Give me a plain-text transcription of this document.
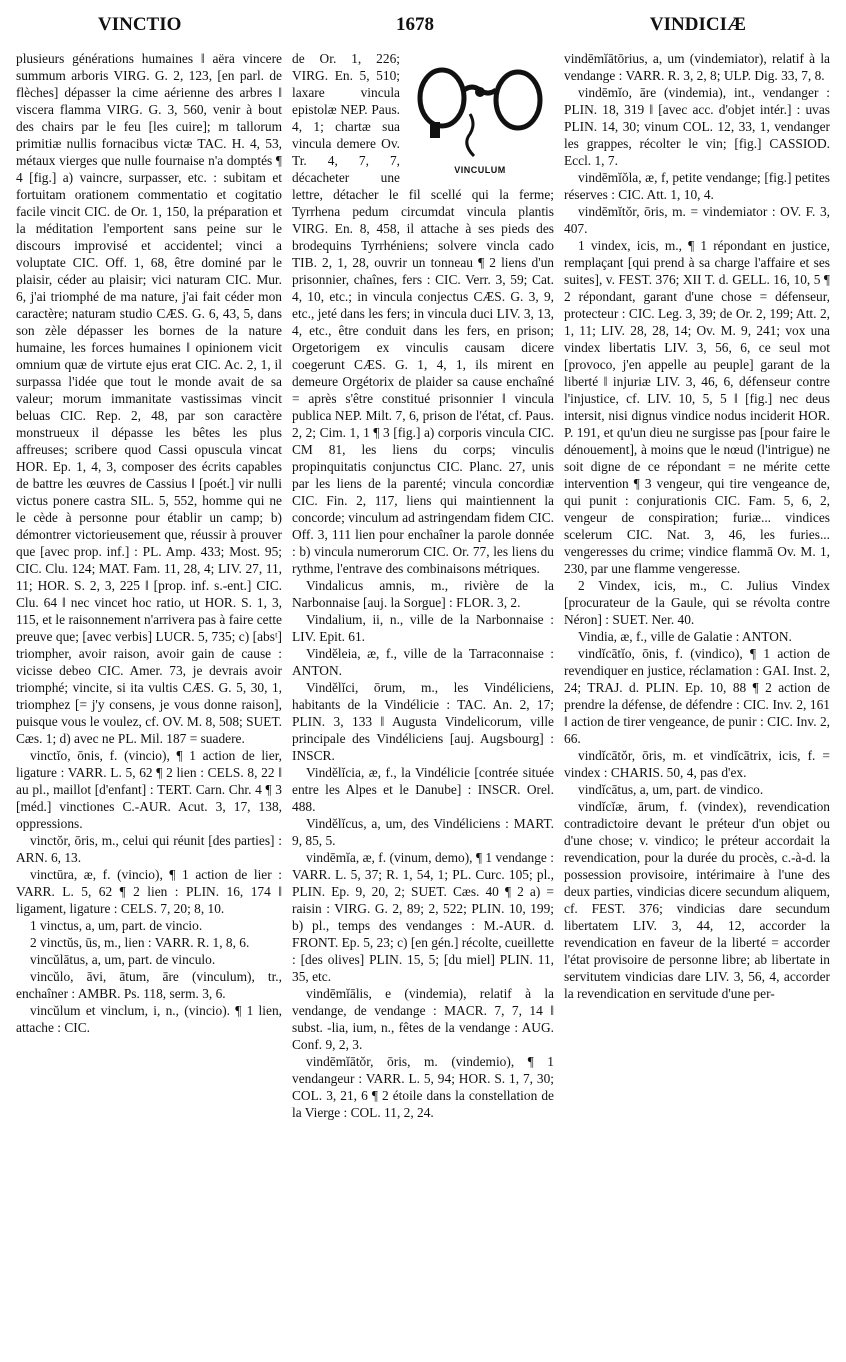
VINCTIO	1678	VINDICIÆ

plusieurs générations humaines ‖ aëra vincere summum arboris VIRG. G. 2, 123, [en parl. de flèches] dépasser la cime aérienne des arbres ‖ viscera flamma VIRG. G. 3, 560, venir à bout des chairs par le feu [les cuire]; m tallorum primitiæ nullis fornacibus victæ TAC. H. 4, 53, métaux vierges que nulle fournaise n'a domptés ¶ 4 [fig.] a) vaincre, surpasser, etc. : subitam et fortuitam orationem commentatio et cogitatio facile vincit CIC. de Or. 1, 150, la préparation et la méditation l'emportent sans peine sur le discours improvisé et accidentel; vinci a voluptate CIC. Off. 1, 68, être dominé par le plaisir, céder au plaisir; vici naturam CIC. Mur. 6, j'ai triomphé de ma nature, j'ai fait céder mon caractère; naturam studio CÆS. G. 6, 43, 5, dans son zèle dépasser les bornes de la nature humaine, les forces humaines ‖ opinionem vicit omnium quæ de virtute ejus erat CIC. Ac. 2, 1, il surpassa l'idée que tout le monde avait de sa valeur; morum immanitate vastissimas vincit beluas CIC. Rep. 2, 48, par son caractère monstrueux il dépasse les bêtes les plus affreuses; scribere quod Cassi opuscula vincat HOR. Ep. 1, 4, 3, composer des écrits capables de battre les œuvres de Cassius ‖ [poét.] vir nulli victus ponere castra SIL. 5, 552, homme qui ne le cède à personne pour établir un camp; b) démontrer victorieusement que, réussir à prouver que [avec prop. inf.] : PL. Amp. 433; Most. 95; CIC. Clu. 124; MAT. Fam. 11, 28, 4; LIV. 27, 11, 11; HOR. S. 2, 3, 225 ‖ [prop. inf. s.-ent.] CIC. Clu. 64 ‖ nec vincet hoc ratio, ut HOR. S. 1, 3, 115, et le raisonnement n'arrivera pas à faire cette preuve que; [avec verbis] LUCR. 5, 735; c) [absᵗ] triompher, avoir raison, avoir gain de cause : vicisse debeo CIC. Amer. 73, je devrais avoir triomphé; vincite, si ita vultis CÆS. G. 5, 30, 1, triomphez [= j'y consens, je vous donne raison], puisque vous le voulez, cf. OV. M. 8, 508; SUET. Cæs. 1; d) avec ne PL. Mil. 187 = suadere.

vinctĭo, ōnis, f. (vincio), ¶ 1 action de lier, ligature : VARR. L. 5, 62 ¶ 2 lien : CELS. 8, 22 ‖ au pl., maillot [d'enfant] : TERT. Carn. Chr. 4 ¶ 3 [méd.] vinctiones C.-AUR. Acut. 3, 17, 138, oppressions.

vinctŏr, ōris, m., celui qui réunit [des parties] : ARN. 6, 13.

vinctūra, æ, f. (vincio), ¶ 1 action de lier : VARR. L. 5, 62 ¶ 2 lien : PLIN. 16, 174 ‖ ligament, ligature : CELS. 7, 20; 8, 10.

1 vinctus, a, um, part. de vincio.

2 vinctŭs, ūs, m., lien : VARR. R. 1, 8, 6.

vincŭlātus, a, um, part. de vinculo.

vincŭlo, āvi, ātum, āre (vinculum), tr., enchaîner : AMBR. Ps. 118, serm. 3, 6.

vincŭlum et vinclum, i, n., (vincio). ¶ 1 lien, attache : CIC.

VINCULUM

de Or. 1, 226; VIRG. En. 5, 510; laxare vincula epistolæ NEP. Paus. 4, 1; chartæ sua vincula demere Ov. Tr. 4, 7, 7, décacheter une lettre, détacher le fil scellé qui la ferme; Tyrrhena pedum circumdat vincula plantis VIRG. En. 8, 458, il attache à ses pieds des brodequins Tyrrhéniens; solvere vincla cado TIB. 2, 1, 28, ouvrir un tonneau ¶ 2 liens d'un prisonnier, chaînes, fers : CIC. Verr. 3, 59; Cat. 4, 10, etc.; in vincula conjectus CÆS. G. 3, 9, etc., jeté dans les fers; in vincula duci LIV. 3, 13, 4, etc., être conduit dans les fers, en prison; Orgetorigem ex vinculis causam dicere coegerunt CÆS. G. 1, 4, 1, ils mirent en demeure Orgétorix de plaider sa cause enchaîné = après s'être constitué prisonnier ‖ vincula publica NEP. Milt. 7, 6, prison de l'état, cf. Paus. 2, 2; Cim. 1, 1 ¶ 3 [fig.] a) corporis vincula CIC. CM 81, les liens du corps; vinculis propinquitatis conjunctus CIC. Planc. 27, unis par les liens de la parenté; vincula concordiæ CIC. Fin. 2, 117, liens qui maintiennent la concorde; vinculum ad astringendam fidem CIC. Off. 3, 111 lien pour enchaîner la parole donnée : b) vincula numerorum CIC. Or. 77, les liens du rythme, l'entrave des combinaisons métriques.

Vindalicus amnis, m., rivière de la Narbonnaise [auj. la Sorgue] : FLOR. 3, 2.

Vindalium, ii, n., ville de la Narbonnaise : LIV. Epit. 61.

Vindĕleia, æ, f., ville de la Tarraconnaise : ANTON.

Vindĕlĭci, ōrum, m., les Vindéliciens, habitants de la Vindélicie : TAC. An. 2, 17; PLIN. 3, 133 ‖ Augusta Vindelicorum, ville principale des Vindéliciens [auj. Augsbourg] : INSCR.

Vindĕlĭcia, æ, f., la Vindélicie [contrée située entre les Alpes et le Danube] : INSCR. Orel. 488.

Vindĕlĭcus, a, um, des Vindéliciens : MART. 9, 85, 5.

vindēmĭa, æ, f. (vinum, demo), ¶ 1 vendange : VARR. L. 5, 37; R. 1, 54, 1; PL. Curc. 105; pl., PLIN. Ep. 9, 20, 2; SUET. Cæs. 40 ¶ 2 a) = raisin : VIRG. G. 2, 89; 2, 522; PLIN. 10, 199; b) pl., temps des vendanges : M.-AUR. d. FRONT. Ep. 5, 23; c) [en gén.] récolte, cueillette : [des olives] PLIN. 15, 5; [du miel] PLIN. 11, 35, etc.

vindēmĭālis, e (vindemia), relatif à la vendange, de vendange : MACR. 7, 7, 14 ‖ subst. -lia, ium, n., fêtes de la vendange : AUG. Conf. 9, 2, 3.

vindēmĭātŏr, ōris, m. (vindemio), ¶ 1 vendangeur : VARR. L. 5, 94; HOR. S. 1, 7, 30; COL. 3, 21, 6 ¶ 2 étoile dans la constellation de la Vierge : COL. 11, 2, 24.

vindēmĭātōrius, a, um (vindemiator), relatif à la vendange : VARR. R. 3, 2, 8; ULP. Dig. 33, 7, 8.

vindēmĭo, āre (vindemia), int., vendanger : PLIN. 18, 319 ‖ [avec acc. d'objet intér.] : uvas PLIN. 14, 30; vinum COL. 12, 33, 1, vendanger les grappes, récolter le vin; [fig.] CASSIOD. Eccl. 1, 7.

vindēmĭŏla, æ, f, petite vendange; [fig.] petites réserves : CIC. Att. 1, 10, 4.

vindēmĭtŏr, ōris, m. = vindemiator : OV. F. 3, 407.

1 vindex, icis, m., ¶ 1 répondant en justice, remplaçant [qui prend à sa charge l'affaire et ses suites], v. FEST. 376; XII T. d. GELL. 16, 10, 5 ¶ 2 répondant, garant d'une chose = défenseur, protecteur : CIC. Leg. 3, 39; de Or. 2, 199; Att. 2, 1, 11; LIV. 28, 28, 14; Ov. M. 9, 241; vox una vindex libertatis LIV. 3, 56, 6, ce seul mot [provoco, j'en appelle au peuple] garant de la liberté ‖ injuriæ LIV. 3, 46, 6, défenseur contre l'injustice, cf. LIV. 10, 5, 5 ‖ [fig.] nec deus intersit, nisi dignus vindice nodus inciderit HOR. P. 191, et qu'un dieu ne surgisse pas [pour faire le dénouement], à moins que le nœud (l'intrigue) ne soit digne de ce répondant = ne mérite cette intervention ¶ 3 vengeur, qui tire vengeance de, qui punit : conjurationis CIC. Fam. 5, 6, 2, vengeur de conspiration; furiæ... vindices scelerum CIC. Nat. 3, 46, les furies... vengeresses du crime; vindice flammā Ov. M. 1, 230, par une flamme vengeresse.

2 Vindex, icis, m., C. Julius Vindex [procurateur de la Gaule, qui se révolta contre Néron] : SUET. Ner. 40.

Vindia, æ, f., ville de Galatie : ANTON.

vindĭcātĭo, ōnis, f. (vindico), ¶ 1 action de revendiquer en justice, réclamation : GAI. Inst. 2, 24; TRAJ. d. PLIN. Ep. 10, 88 ¶ 2 action de prendre la défense, de défendre : CIC. Inv. 2, 161 ‖ action de tirer vengeance, de punir : CIC. Inv. 2, 66.

vindĭcātŏr, ōris, m. et vindĭcātrix, icis, f. = vindex : CHARIS. 50, 4, pas d'ex.

vindĭcātus, a, um, part. de vindico.

vindĭcĭæ, ārum, f. (vindex), revendication contradictoire devant le préteur d'un objet ou d'une chose; v. vindico; le préteur accordait la revendication, pour la durée du procès, c.-à-d. la possession provisoire, intérimaire à l'une des deux parties, vindicias dicere secundum aliquem, cf. FEST. 376; vindicias dare secundum libertatem LIV. 3, 44, 12, accorder la revendication en faveur de la liberté = accorder l'état provisoire de personne libre; ab libertate in servitutem vindicias dare LIV. 3, 56, 4, accorder la revendication en servitude d'une per-
